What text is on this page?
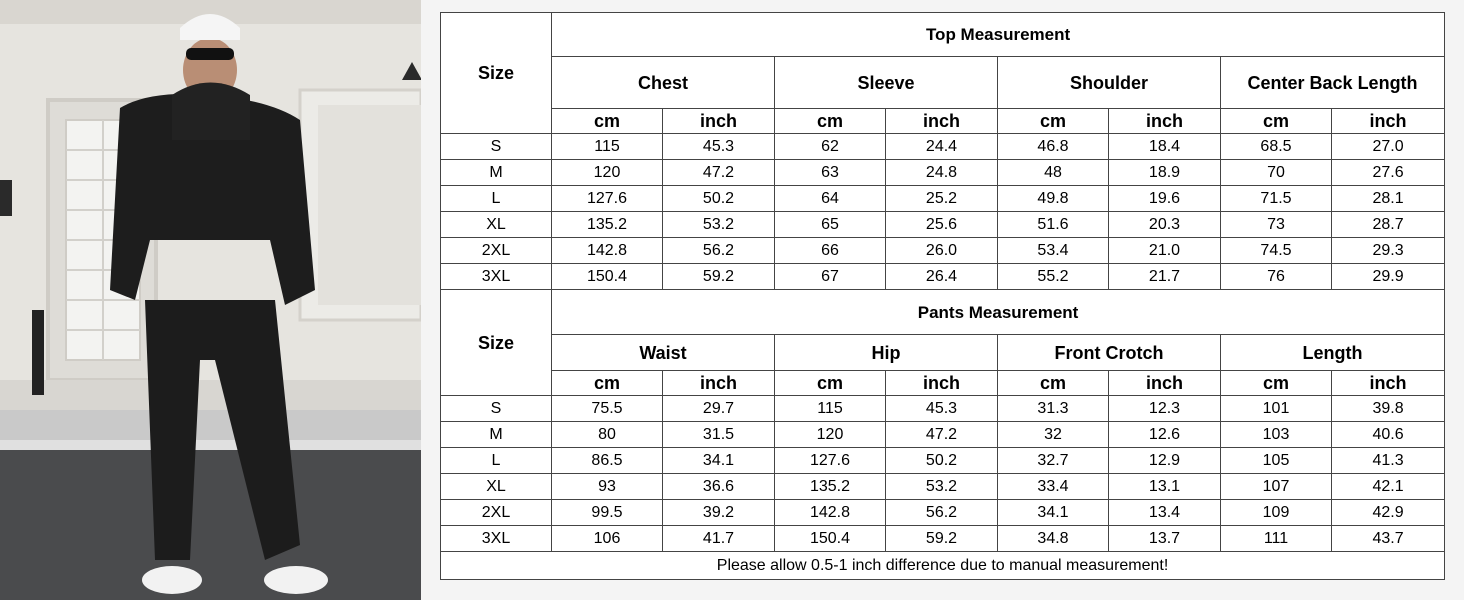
Size	Top Measurement							
	Chest		Sleeve		Shoulder		Center Back Length	
	cm	inch	cm	inch	cm	inch	cm	inch
S	115	45.3	62	24.4	46.8	18.4	68.5	27.0
M	120	47.2	63	24.8	48	18.9	70	27.6
L	127.6	50.2	64	25.2	49.8	19.6	71.5	28.1
XL	135.2	53.2	65	25.6	51.6	20.3	73	28.7
2XL	142.8	56.2	66	26.0	53.4	21.0	74.5	29.3
3XL	150.4	59.2	67	26.4	55.2	21.7	76	29.9
Size	Pants Measurement							
	Waist		Hip		Front Crotch		Length	
	cm	inch	cm	inch	cm	inch	cm	inch
S	75.5	29.7	115	45.3	31.3	12.3	101	39.8
M	80	31.5	120	47.2	32	12.6	103	40.6
L	86.5	34.1	127.6	50.2	32.7	12.9	105	41.3
XL	93	36.6	135.2	53.2	33.4	13.1	107	42.1
2XL	99.5	39.2	142.8	56.2	34.1	13.4	109	42.9
3XL	106	41.7	150.4	59.2	34.8	13.7	111	43.7
Please allow 0.5-1 inch difference due to manual measurement!								
